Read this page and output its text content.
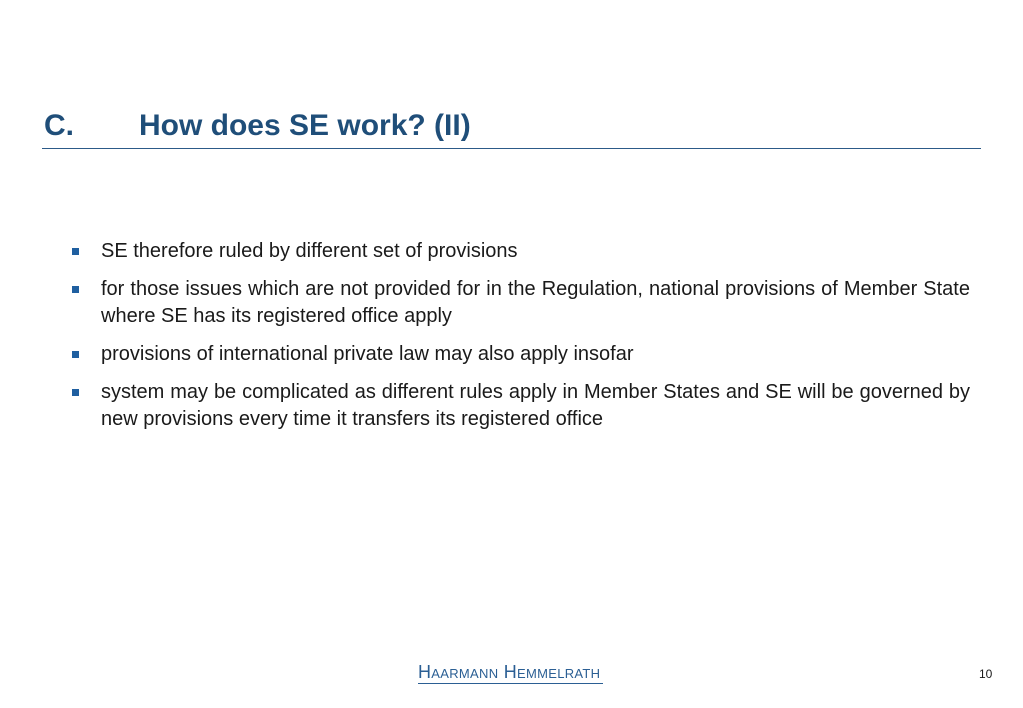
C. How does SE work? (II)
SE therefore ruled by different set of provisions
for those issues which are not provided for in the Regulation, national provisions of Member State where SE has its registered office apply
provisions of international private law may also apply insofar
system may be complicated as different rules apply in Member States and SE will be governed by new provisions every time it transfers its registered office
Haarmann Hemmelrath	10
